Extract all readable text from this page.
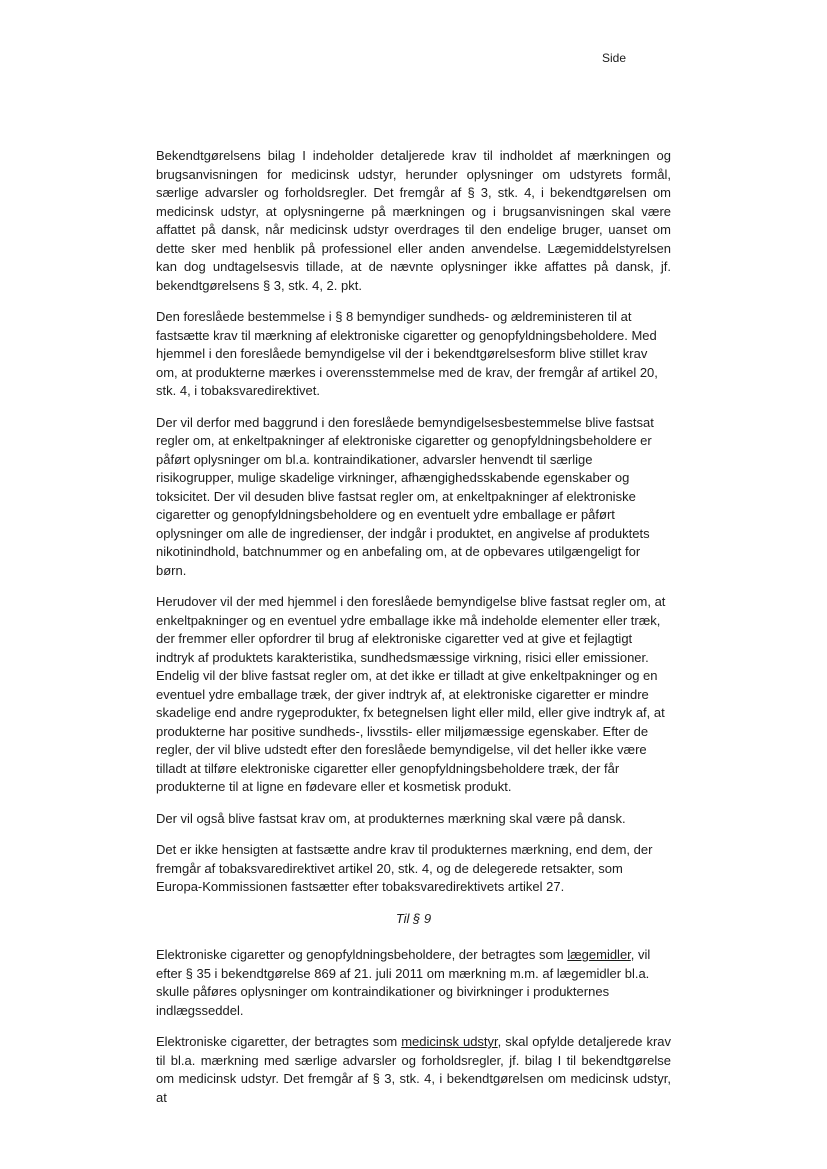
Side

Bekendtgørelsens bilag I indeholder detaljerede krav til indholdet af mærkningen og brugsanvisningen for medicinsk udstyr, herunder oplysninger om udstyrets formål, særlige advarsler og forholdsregler. Det fremgår af § 3, stk. 4, i bekendtgørelsen om medicinsk udstyr, at oplysningerne på mærkningen og i brugsanvisningen skal være affattet på dansk, når medicinsk udstyr overdrages til den endelige bruger, uanset om dette sker med henblik på professionel eller anden anvendelse. Lægemiddelstyrelsen kan dog undtagelsesvis tillade, at de nævnte oplysninger ikke affattes på dansk, jf. bekendtgørelsens § 3, stk. 4, 2. pkt.

Den foreslåede bestemmelse i § 8 bemyndiger sundheds- og ældreministeren til at fastsætte krav til mærkning af elektroniske cigaretter og genopfyldningsbeholdere. Med hjemmel i den foreslåede bemyndigelse vil der i bekendtgørelsesform blive stillet krav om, at produkterne mærkes i overensstemmelse med de krav, der fremgår af artikel 20, stk. 4, i tobaksvaredirektivet.

Der vil derfor med baggrund i den foreslåede bemyndigelsesbestemmelse blive fastsat regler om, at enkeltpakninger af elektroniske cigaretter og genopfyldningsbeholdere er påført oplysninger om bl.a. kontraindikationer, advarsler henvendt til særlige risikogrupper, mulige skadelige virkninger, afhængighedsskabende egenskaber og toksicitet. Der vil desuden blive fastsat regler om, at enkeltpakninger af elektroniske cigaretter og genopfyldningsbeholdere og en eventuelt ydre emballage er påført oplysninger om alle de ingredienser, der indgår i produktet, en angivelse af produktets nikotinindhold, batchnummer og en anbefaling om, at de opbevares utilgængeligt for børn.

Herudover vil der med hjemmel i den foreslåede bemyndigelse blive fastsat regler om, at enkeltpakninger og en eventuel ydre emballage ikke må indeholde elementer eller træk, der fremmer eller opfordrer til brug af elektroniske cigaretter ved at give et fejlagtigt indtryk af produktets karakteristika, sundhedsmæssige virkning, risici eller emissioner. Endelig vil der blive fastsat regler om, at det ikke er tilladt at give enkeltpakninger og en eventuel ydre emballage træk, der giver indtryk af, at elektroniske cigaretter er mindre skadelige end andre rygeprodukter, fx betegnelsen light eller mild, eller give indtryk af, at produkterne har positive sundheds-, livsstils- eller miljømæssige egenskaber. Efter de regler, der vil blive udstedt efter den foreslåede bemyndigelse, vil det heller ikke være tilladt at tilføre elektroniske cigaretter eller genopfyldningsbeholdere træk, der får produkterne til at ligne en fødevare eller et kosmetisk produkt.

Der vil også blive fastsat krav om, at produkternes mærkning skal være på dansk.

Det er ikke hensigten at fastsætte andre krav til produkternes mærkning, end dem, der fremgår af tobaksvaredirektivet artikel 20, stk. 4, og de delegerede retsakter, som Europa-Kommissionen fastsætter efter tobaksvaredirektivets artikel 27.

Til § 9

Elektroniske cigaretter og genopfyldningsbeholdere, der betragtes som lægemidler, vil efter § 35 i bekendtgørelse 869 af 21. juli 2011 om mærkning m.m. af lægemidler bl.a. skulle påføres oplysninger om kontraindikationer og bivirkninger i produkternes indlægsseddel.

Elektroniske cigaretter, der betragtes som medicinsk udstyr, skal opfylde detaljerede krav til bl.a. mærkning med særlige advarsler og forholdsregler, jf. bilag I til bekendtgørelse om medicinsk udstyr. Det fremgår af § 3, stk. 4, i bekendtgørelsen om medicinsk udstyr, at
